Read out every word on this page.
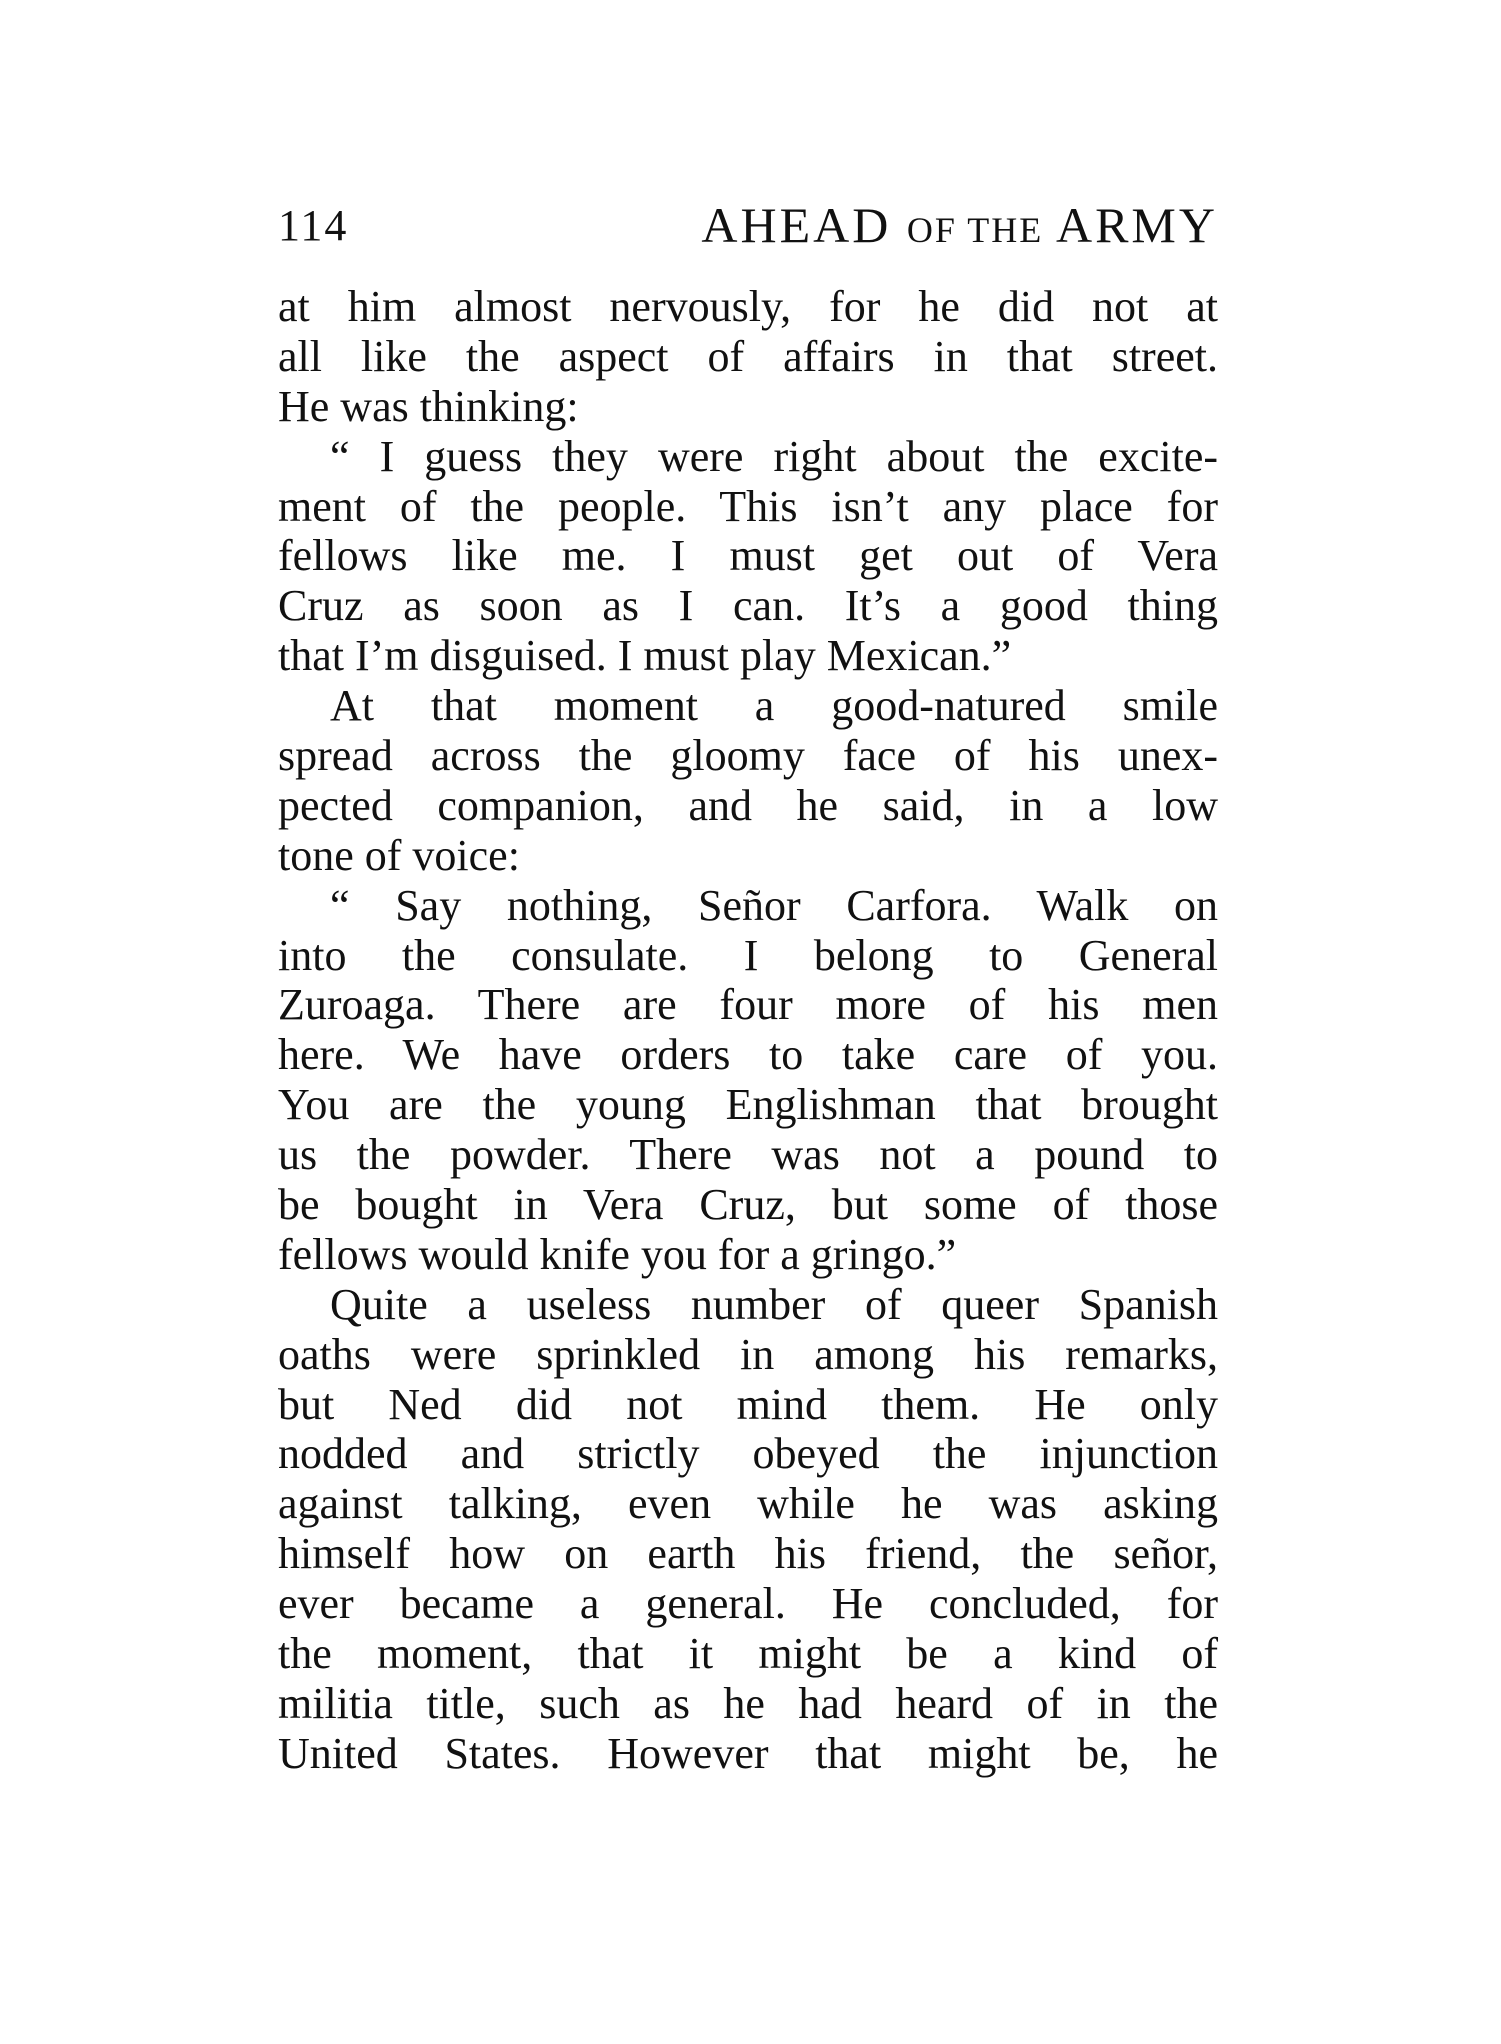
114	AHEAD OF THE ARMY
at him almost nervously, for he did not at
all like the aspect of affairs in that street.
He was thinking:
“ I guess they were right about the excite-
ment of the people. This isn’t any place for
fellows like me. I must get out of Vera
Cruz as soon as I can. It’s a good thing
that I’m disguised. I must play Mexican.”
At that moment a good-natured smile
spread across the gloomy face of his unex-
pected companion, and he said, in a low
tone of voice:
“ Say nothing, Señor Carfora. Walk on
into the consulate. I belong to General
Zuroaga. There are four more of his men
here. We have orders to take care of you.
You are the young Englishman that brought
us the powder. There was not a pound to
be bought in Vera Cruz, but some of those
fellows would knife you for a gringo.”
Quite a useless number of queer Spanish
oaths were sprinkled in among his remarks,
but Ned did not mind them. He only
nodded and strictly obeyed the injunction
against talking, even while he was asking
himself how on earth his friend, the señor,
ever became a general. He concluded, for
the moment, that it might be a kind of
militia title, such as he had heard of in the
United States. However that might be, he
